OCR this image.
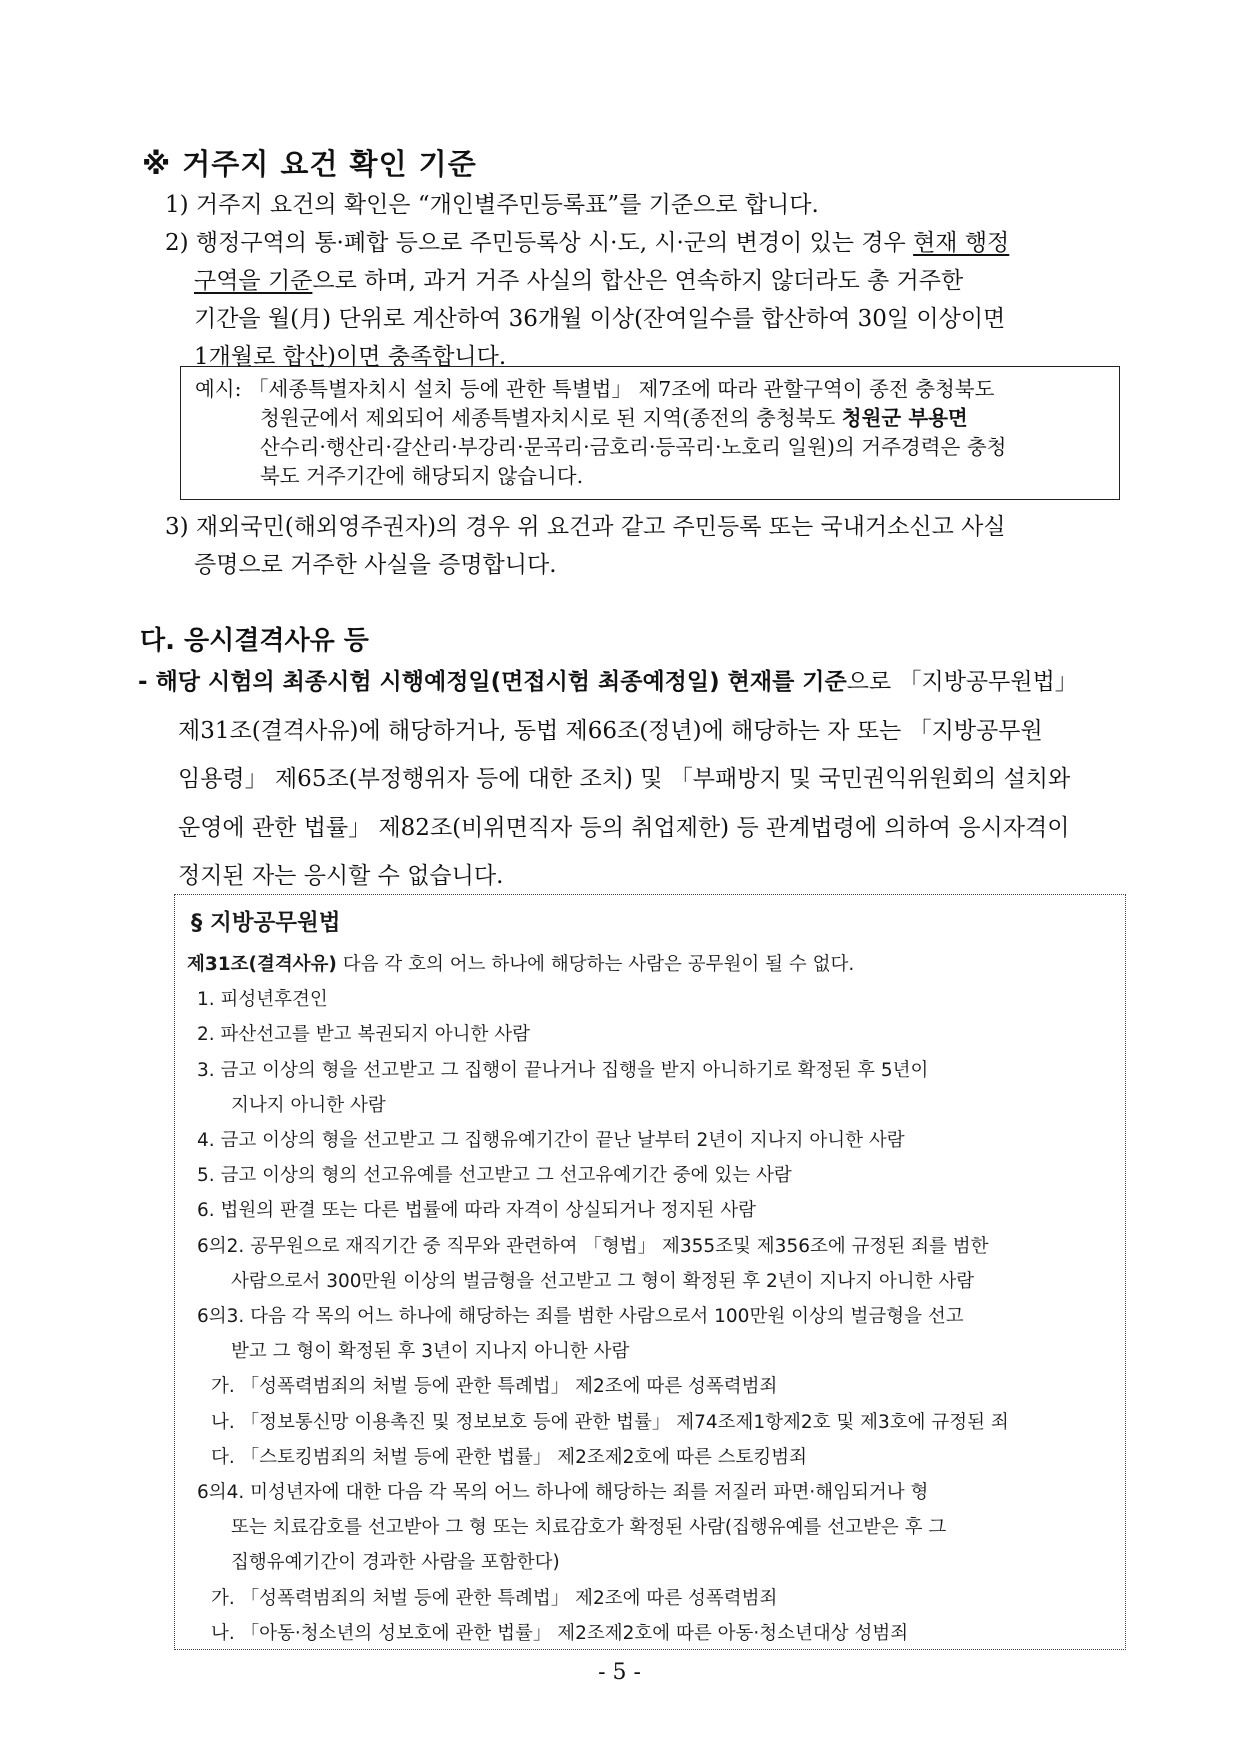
※ 거주지 요건 확인 기준
1) 거주지 요건의 확인은 “개인별주민등록표”를 기준으로 합니다.
2) 행정구역의 통·폐합 등으로 주민등록상 시·도, 시·군의 변경이 있는 경우 현재 행정
구역을 기준으로 하며, 과거 거주 사실의 합산은 연속하지 않더라도 총 거주한
기간을 월(月) 단위로 계산하여 36개월 이상(잔여일수를 합산하여 30일 이상이면
1개월로 합산)이면 충족합니다.
예시: 「세종특별자치시 설치 등에 관한 특별법」 제7조에 따라 관할구역이 종전 충청북도
청원군에서 제외되어 세종특별자치시로 된 지역(종전의 충청북도 청원군 부용면
산수리·행산리·갈산리·부강리·문곡리·금호리·등곡리·노호리 일원)의 거주경력은 충청
북도 거주기간에 해당되지 않습니다.
3) 재외국민(해외영주권자)의 경우 위 요건과 같고 주민등록 또는 국내거소신고 사실
증명으로 거주한 사실을 증명합니다.
다. 응시결격사유 등
- 해당 시험의 최종시험 시행예정일(면접시험 최종예정일) 현재를 기준으로 「지방공무원법」
제31조(결격사유)에 해당하거나, 동법 제66조(정년)에 해당하는 자 또는 「지방공무원
임용령」 제65조(부정행위자 등에 대한 조치) 및 「부패방지 및 국민권익위원회의 설치와
운영에 관한 법률」 제82조(비위면직자 등의 취업제한) 등 관계법령에 의하여 응시자격이
정지된 자는 응시할 수 없습니다.
§ 지방공무원법
제31조(결격사유) 다음 각 호의 어느 하나에 해당하는 사람은 공무원이 될 수 없다.
1. 피성년후견인
2. 파산선고를 받고 복권되지 아니한 사람
3. 금고 이상의 형을 선고받고 그 집행이 끝나거나 집행을 받지 아니하기로 확정된 후 5년이
지나지 아니한 사람
4. 금고 이상의 형을 선고받고 그 집행유예기간이 끝난 날부터 2년이 지나지 아니한 사람
5. 금고 이상의 형의 선고유예를 선고받고 그 선고유예기간 중에 있는 사람
6. 법원의 판결 또는 다른 법률에 따라 자격이 상실되거나 정지된 사람
6의2. 공무원으로 재직기간 중 직무와 관련하여 「형법」 제355조및 제356조에 규정된 죄를 범한
사람으로서 300만원 이상의 벌금형을 선고받고 그 형이 확정된 후 2년이 지나지 아니한 사람
6의3. 다음 각 목의 어느 하나에 해당하는 죄를 범한 사람으로서 100만원 이상의 벌금형을 선고
받고 그 형이 확정된 후 3년이 지나지 아니한 사람
가. 「성폭력범죄의 처벌 등에 관한 특례법」 제2조에 따른 성폭력범죄
나. 「정보통신망 이용촉진 및 정보보호 등에 관한 법률」 제74조제1항제2호 및 제3호에 규정된 죄
다. 「스토킹범죄의 처벌 등에 관한 법률」 제2조제2호에 따른 스토킹범죄
6의4. 미성년자에 대한 다음 각 목의 어느 하나에 해당하는 죄를 저질러 파면·해임되거나 형
또는 치료감호를 선고받아 그 형 또는 치료감호가 확정된 사람(집행유예를 선고받은 후 그
집행유예기간이 경과한 사람을 포함한다)
가. 「성폭력범죄의 처벌 등에 관한 특례법」 제2조에 따른 성폭력범죄
나. 「아동·청소년의 성보호에 관한 법률」 제2조제2호에 따른 아동·청소년대상 성범죄
- 5 -
